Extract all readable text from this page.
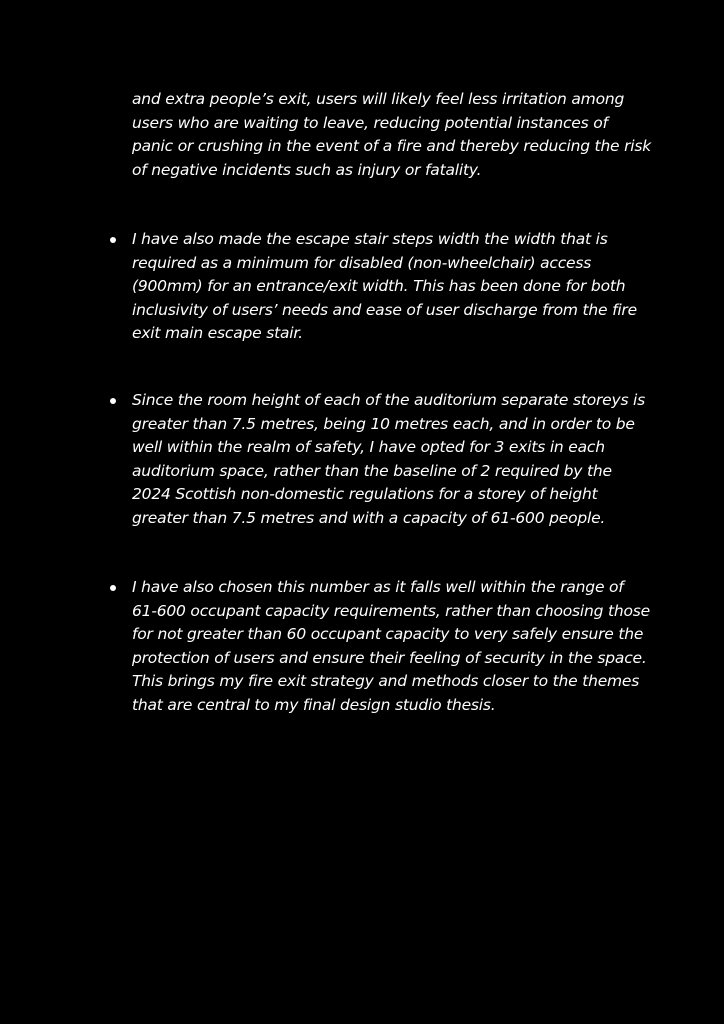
and extra people’s exit, users will likely feel less irritation among users who are waiting to leave, reducing potential instances of panic or crushing in the event of a fire and thereby reducing the risk of negative incidents such as injury or fatality.

I have also made the escape stair steps width the width that is required as a minimum for disabled (non-wheelchair) access (900mm) for an entrance/exit width. This has been done for both inclusivity of users’ needs and ease of user discharge from the fire exit main escape stair.

Since the room height of each of the auditorium separate storeys is greater than 7.5 metres, being 10 metres each, and in order to be well within the realm of safety, I have opted for 3 exits in each auditorium space, rather than the baseline of 2 required by the 2024 Scottish non-domestic regulations for a storey of height greater than 7.5 metres and with a capacity of 61-600 people.

I have also chosen this number as it falls well within the range of 61-600 occupant capacity requirements, rather than choosing those for not greater than 60 occupant capacity to very safely ensure the protection of users and ensure their feeling of security in the space. This brings my fire exit strategy and methods closer to the themes that are central to my final design studio thesis.
